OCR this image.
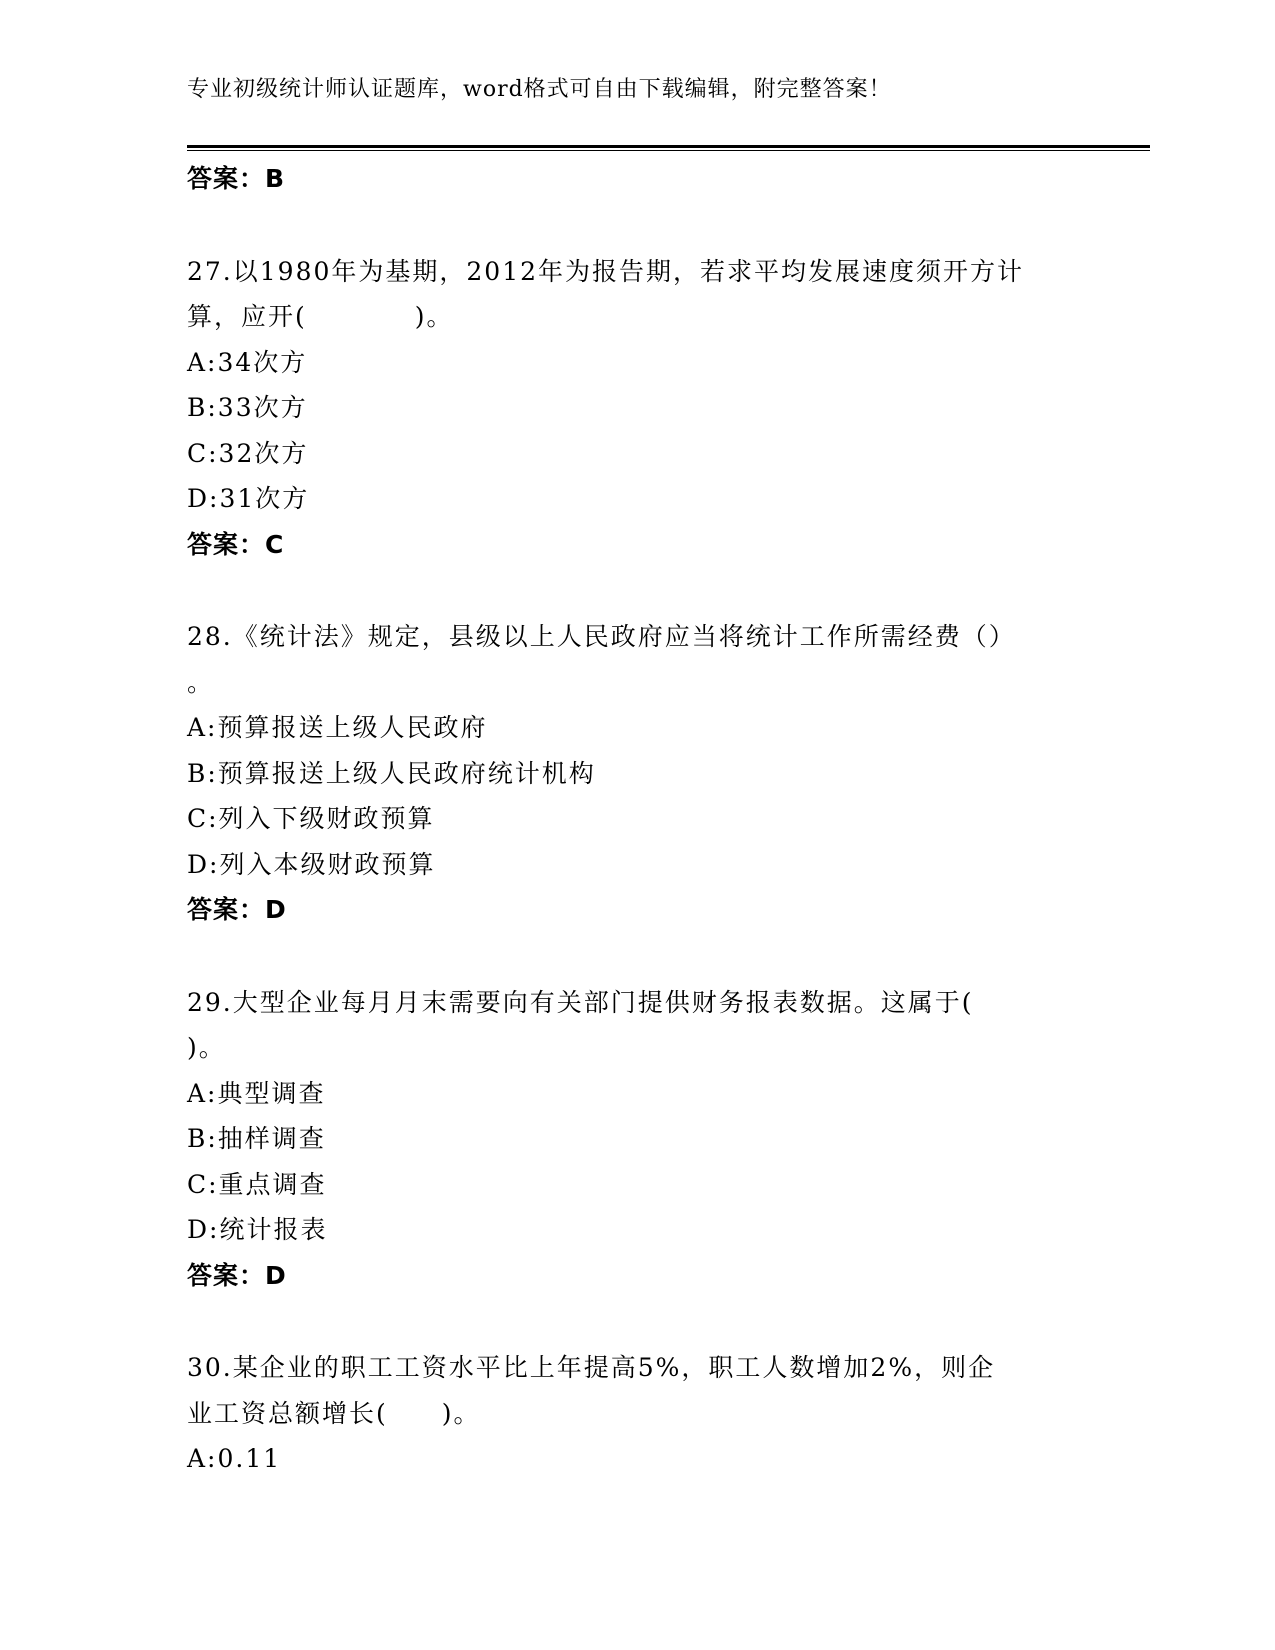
专业初级统计师认证题库，word格式可自由下载编辑，附完整答案！

答案：B

27.以1980年为基期，2012年为报告期，若求平均发展速度须开方计

算，应开(　　　　)。

A:34次方

B:33次方

C:32次方

D:31次方

答案：C

28.《统计法》规定，县级以上人民政府应当将统计工作所需经费（）

。

A:预算报送上级人民政府

B:预算报送上级人民政府统计机构

C:列入下级财政预算

D:列入本级财政预算

答案：D

29.大型企业每月月末需要向有关部门提供财务报表数据。这属于(

)。

A:典型调查

B:抽样调查

C:重点调查

D:统计报表

答案：D

30.某企业的职工工资水平比上年提高5%，职工人数增加2%，则企

业工资总额增长(　　)。

A:0.11
